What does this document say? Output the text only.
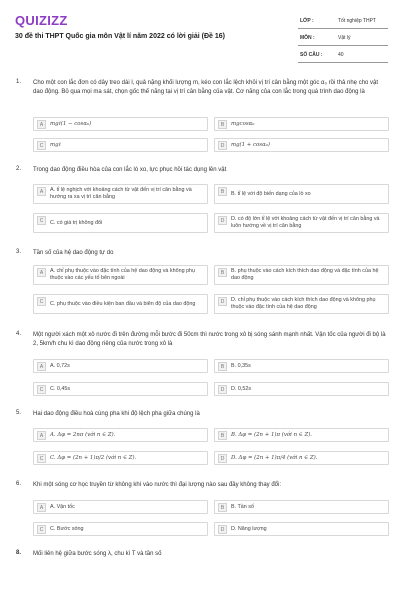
QUIZIZZ
30 đề thi THPT Quốc gia môn Vật lí năm 2022 có lời giải (Đề 16)
LỚP :	Tốt nghiệp THPT
MÔN :	Vật lý
SỐ CÂU :	40
1. Cho một con lắc đơn có dây treo dài l, quả nặng khối lượng m, kéo con lắc lệch khỏi vị trí cân bằng một góc α₀ rồi thả nhẹ cho vật dao động. Bỏ qua mọi ma sát, chọn gốc thế năng tại vị trí cân bằng của vật. Cơ năng của con lắc trong quá trình dao động là
A	mgℓ(1 − cosα₀)	B	mgcosα₀
C	mgℓ	D	mg(1 + cosα₀)
2. Trong dao động điều hòa của con lắc lò xo, lực phục hồi tác dụng lên vật
A	A. tỉ lệ nghịch với khoảng cách từ vật đến vị trí cân bằng và hướng ra xa vị trí cân bằng
B	B. tỉ lệ với độ biến dạng của lò xo
C	C. có giá trị không đổi	D	D. có độ lớn tỉ lệ với khoảng cách từ vật đến vị trí cân bằng và luôn hướng về vị trí cân bằng
3. Tần số của hệ dao động tự do
A	A. chỉ phụ thuộc vào đặc tính của hệ dao động và không phụ thuộc vào các yếu tố bên ngoài
B	B. phụ thuộc vào cách kích thích dao động và đặc tính của hệ dao động
C	C. phụ thuộc vào điều kiện ban đầu và biên độ của dao động	D	D. chỉ phụ thuộc vào cách kích thích dao động và không phụ thuộc vào đặc tính của hệ dao động
4. Một người xách một xô nước đi trên đường mỗi bước đi 50cm thì nước trong xô bị sóng sánh mạnh nhất. Vận tốc của người đi bộ là 2, 5km/h chu kì dao động riêng của nước trong xô là
A	A. 0,72s	B	B. 0,35s
C	C. 0,45s	D	D. 0,52s
5. Hai dao động điều hoà cùng pha khi độ lệch pha giữa chúng là
A	A. Δφ = 2nπ (với n ∈ Z).	B	B. Δφ = (2n + 1)π (với n ∈ Z).
C	C. Δφ = (2n + 1)π/2 (với n ∈ Z).	D	D. Δφ = (2n + 1)π/4 (với n ∈ Z).
6. Khi một sóng cơ học truyền từ không khí vào nước thì đại lượng nào sau đây không thay đổi:
A	A. Vận tốc	B	B. Tần số
C	C. Bước sóng	D	D. Năng lượng
8. Mối liên hệ giữa bước sóng λ, chu kì T và tần số
